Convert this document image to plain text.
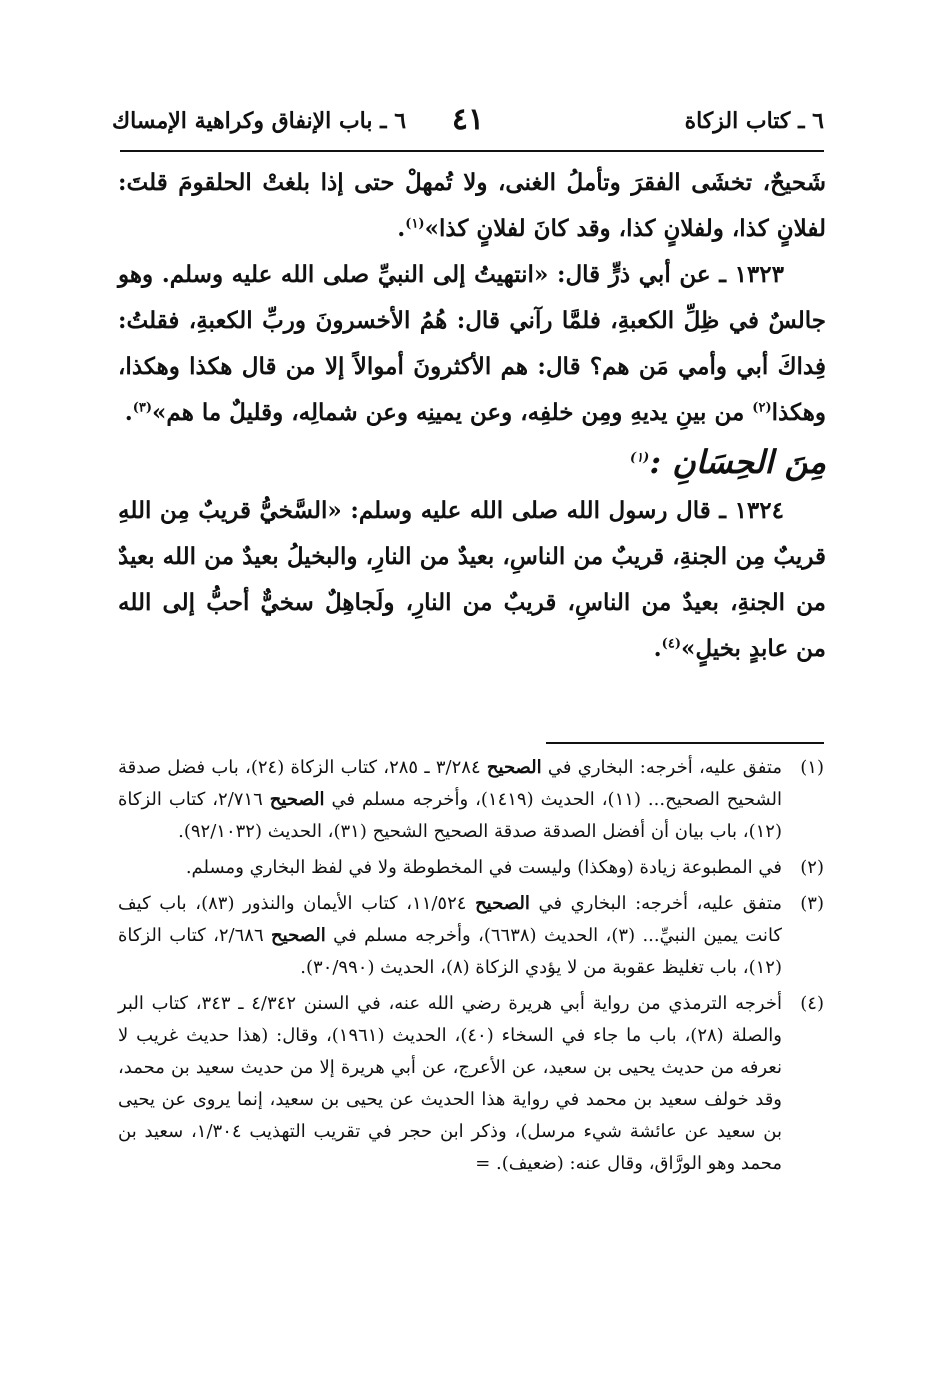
٦ ـ كتاب الزكاة
٤١
٦ ـ باب الإنفاق وكراهية الإمساك

شَحيحٌ، تخشَى الفقرَ وتأملُ الغنى، ولا تُمهلْ حتى إذا بلغتْ الحلقومَ قلتَ: لفلانٍ كذا، ولفلانٍ كذا، وقد كانَ لفلانٍ كذا»$^{(١)}$.

١٣٢٣ ـ عن أبي ذرٍّ قال: «انتهيتُ إلى النبيِّ صلى الله عليه وسلم. وهو جالسٌ في ظِلِّ الكعبةِ، فلمَّا رآني قال: هُمُ الأخسرونَ وربِّ الكعبةِ، فقلتُ: فِداكَ أبي وأمي مَن هم؟ قال: هم الأكثرونَ أموالاً إلا من قال هكذا وهكذا، وهكذا$^{(٢)}$ من بينِ يديهِ ومِن خلفِه، وعن يمينِه وعن شمالِه، وقليلٌ ما هم»$^{(٣)}$.

مِنَ الحِسَانِ :$^{(١)}$

١٣٢٤ ـ قال رسول الله صلى الله عليه وسلم: «السَّخيُّ قريبٌ مِن اللهِ قريبٌ مِن الجنةِ، قريبٌ من الناسِ، بعيدٌ من النارِ، والبخيلُ بعيدٌ من الله بعيدٌ من الجنةِ، بعيدٌ من الناسِ، قريبٌ من النارِ، ولَجاهِلٌ سخيٌّ أحبُّ إلى الله من عابدٍ بخيلٍ»$^{(٤)}$.

(١)
متفق عليه، أخرجه: البخاري في الصحيح ٣/٢٨٤ ـ ٢٨٥، كتاب الزكاة (٢٤)، باب فضل صدقة الشحيح الصحيح... (١١)، الحديث (١٤١٩)، وأخرجه مسلم في الصحيح ٢/٧١٦، كتاب الزكاة (١٢)، باب بيان أن أفضل الصدقة صدقة الصحيح الشحيح (٣١)، الحديث (٩٢/١٠٣٢).
(٢)
في المطبوعة زيادة (وهكذا) وليست في المخطوطة ولا في لفظ البخاري ومسلم.
(٣)
متفق عليه، أخرجه: البخاري في الصحيح ١١/٥٢٤، كتاب الأيمان والنذور (٨٣)، باب كيف كانت يمين النبيِّ... (٣)، الحديث (٦٦٣٨)، وأخرجه مسلم في الصحيح ٢/٦٨٦، كتاب الزكاة (١٢)، باب تغليظ عقوبة من لا يؤدي الزكاة (٨)، الحديث (٣٠/٩٩٠).
(٤)
أخرجه الترمذي من رواية أبي هريرة رضي الله عنه، في السنن ٤/٣٤٢ ـ ٣٤٣، كتاب البر والصلة (٢٨)، باب ما جاء في السخاء (٤٠)، الحديث (١٩٦١)، وقال: (هذا حديث غريب لا نعرفه من حديث يحيى بن سعيد، عن الأعرج، عن أبي هريرة إلا من حديث سعيد بن محمد، وقد خولف سعيد بن محمد في رواية هذا الحديث عن يحيى بن سعيد، إنما يروى عن يحيى بن سعيد عن عائشة شيء مرسل)، وذكر ابن حجر في تقريب التهذيب ١/٣٠٤، سعيد بن محمد وهو الورَّاق، وقال عنه: (ضعيف). =
